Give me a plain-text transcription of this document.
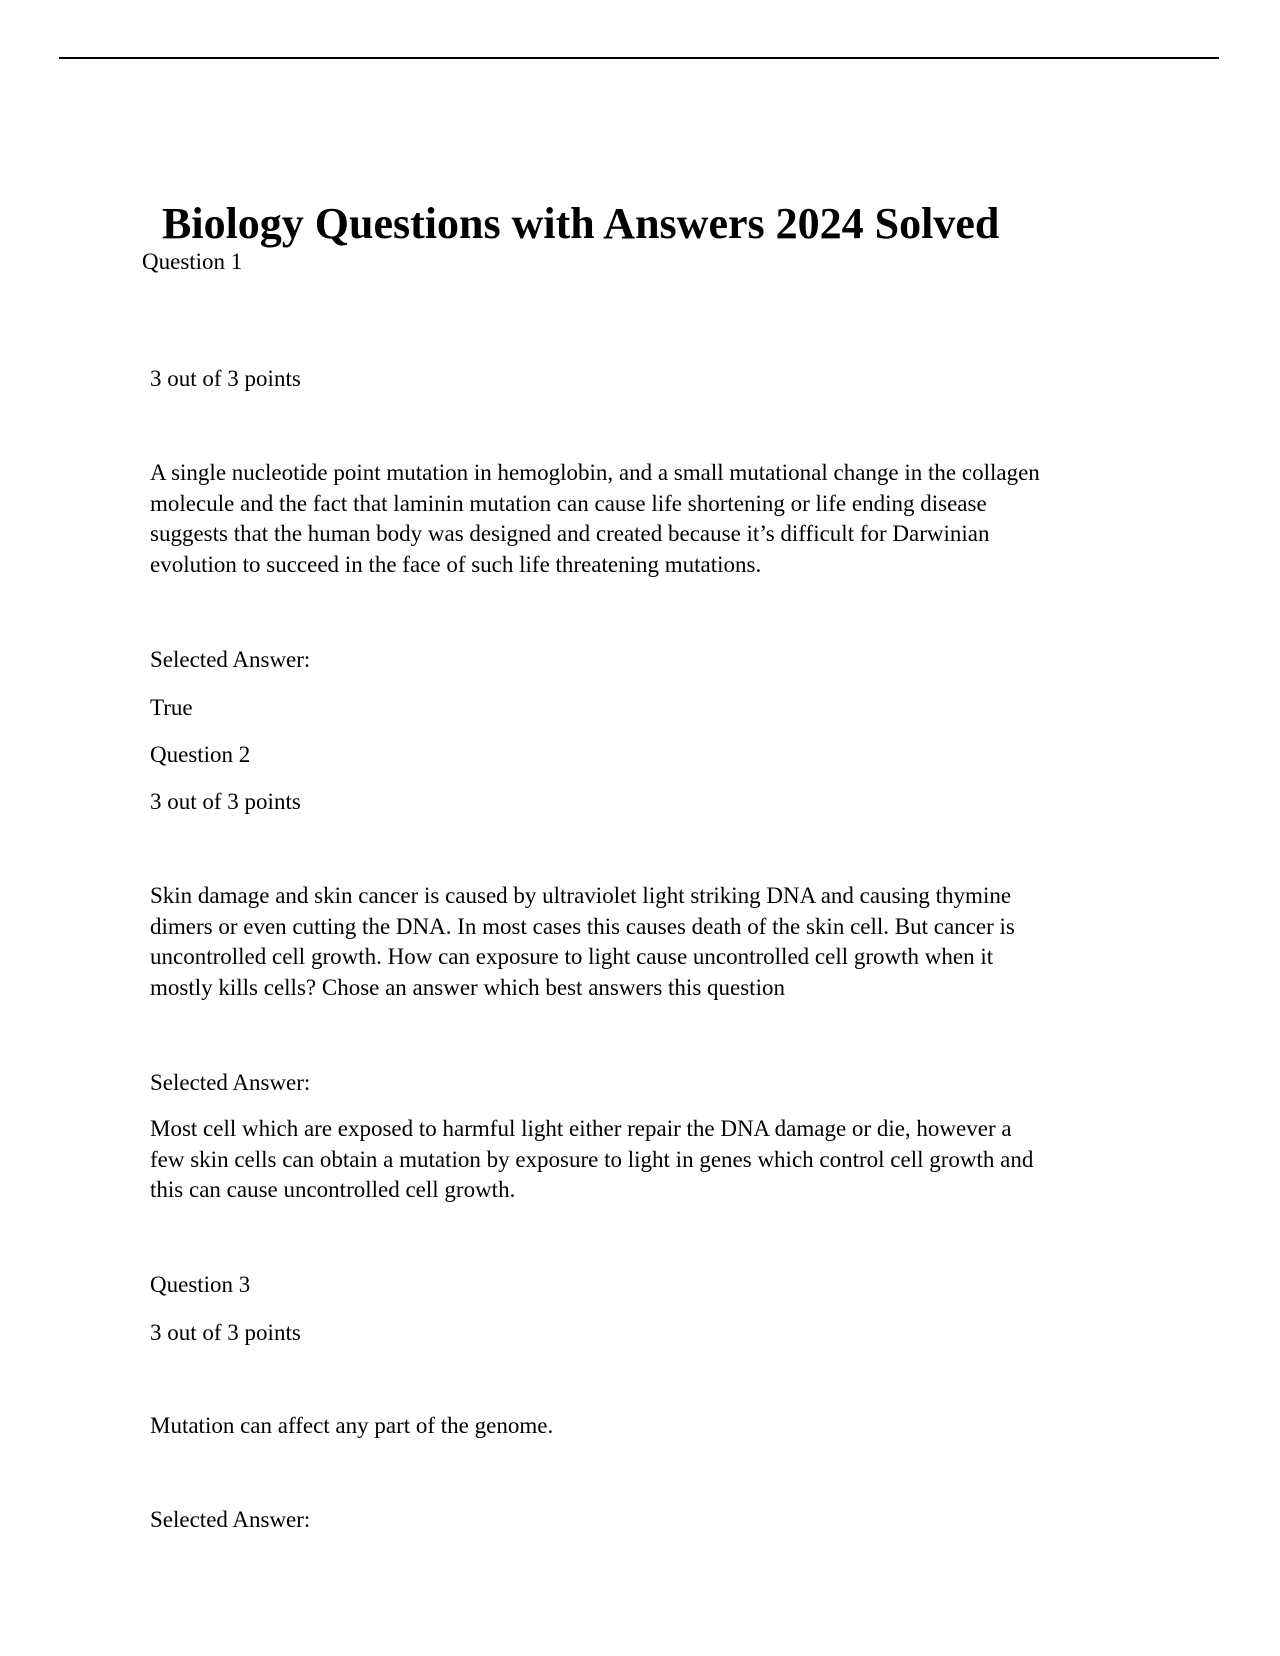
Biology Questions with Answers 2024 Solved
Question 1
3 out of 3 points
A single nucleotide point mutation in hemoglobin, and a small mutational change in the collagen
molecule and the fact that laminin mutation can cause life shortening or life ending disease
suggests that the human body was designed and created because it’s difficult for Darwinian
evolution to succeed in the face of such life threatening mutations.
Selected Answer:
True
Question 2
3 out of 3 points
Skin damage and skin cancer is caused by ultraviolet light striking DNA and causing thymine
dimers or even cutting the DNA. In most cases this causes death of the skin cell. But cancer is
uncontrolled cell growth. How can exposure to light cause uncontrolled cell growth when it
mostly kills cells? Chose an answer which best answers this question
Selected Answer:
Most cell which are exposed to harmful light either repair the DNA damage or die, however a
few skin cells can obtain a mutation by exposure to light in genes which control cell growth and
this can cause uncontrolled cell growth.
Question 3
3 out of 3 points
Mutation can affect any part of the genome.
Selected Answer:
